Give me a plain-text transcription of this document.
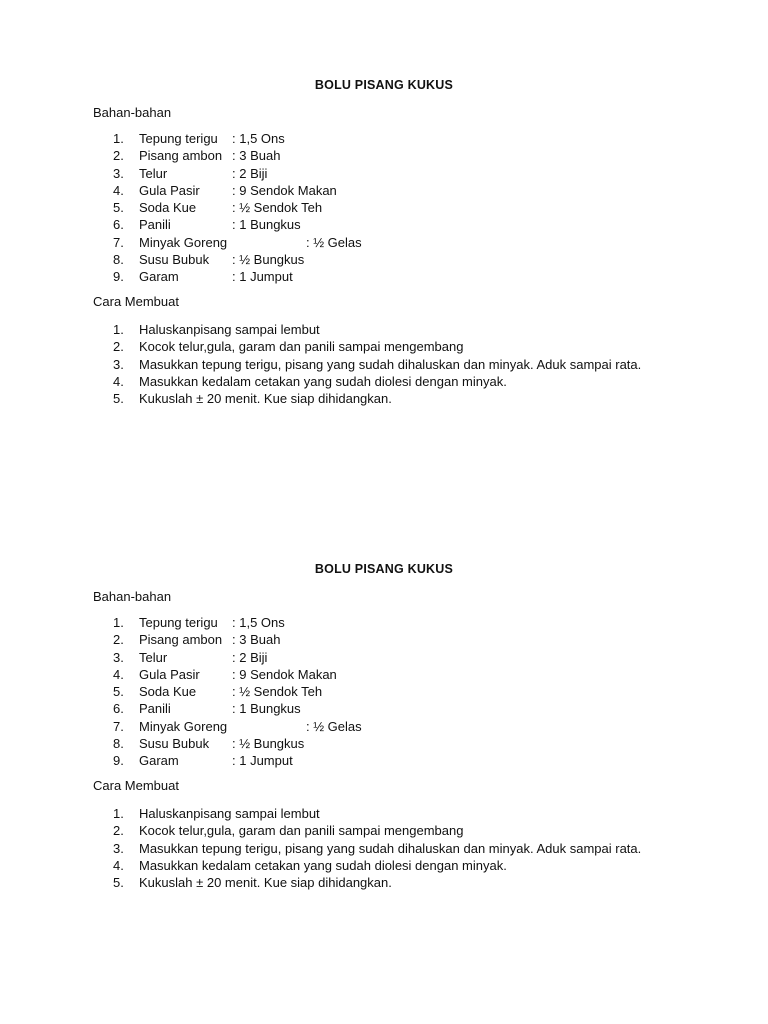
BOLU PISANG KUKUS
Bahan-bahan
1.	Tepung terigu : 1,5 Ons
2.	Pisang ambon : 3 Buah
3.	Telur	: 2 Biji
4.	Gula Pasir : 9 Sendok Makan
5.	Soda Kue	: ½ Sendok Teh
6.	Panili	: 1 Bungkus
7.	Minyak Goreng	: ½ Gelas
8.	Susu Bubuk : ½ Bungkus
9.	Garam	: 1 Jumput
Cara Membuat
1.	Haluskanpisang sampai lembut
2.	Kocok telur,gula, garam dan panili sampai mengembang
3.	Masukkan tepung terigu, pisang yang sudah dihaluskan dan minyak. Aduk sampai rata.
4.	Masukkan kedalam cetakan yang sudah diolesi dengan minyak.
5.	Kukuslah ± 20 menit. Kue siap dihidangkan.
BOLU PISANG KUKUS
Bahan-bahan
1.	Tepung terigu : 1,5 Ons
2.	Pisang ambon : 3 Buah
3.	Telur	: 2 Biji
4.	Gula Pasir : 9 Sendok Makan
5.	Soda Kue	: ½ Sendok Teh
6.	Panili	: 1 Bungkus
7.	Minyak Goreng	: ½ Gelas
8.	Susu Bubuk : ½ Bungkus
9.	Garam	: 1 Jumput
Cara Membuat
1.	Haluskanpisang sampai lembut
2.	Kocok telur,gula, garam dan panili sampai mengembang
3.	Masukkan tepung terigu, pisang yang sudah dihaluskan dan minyak. Aduk sampai rata.
4.	Masukkan kedalam cetakan yang sudah diolesi dengan minyak.
5.	Kukuslah ± 20 menit. Kue siap dihidangkan.
